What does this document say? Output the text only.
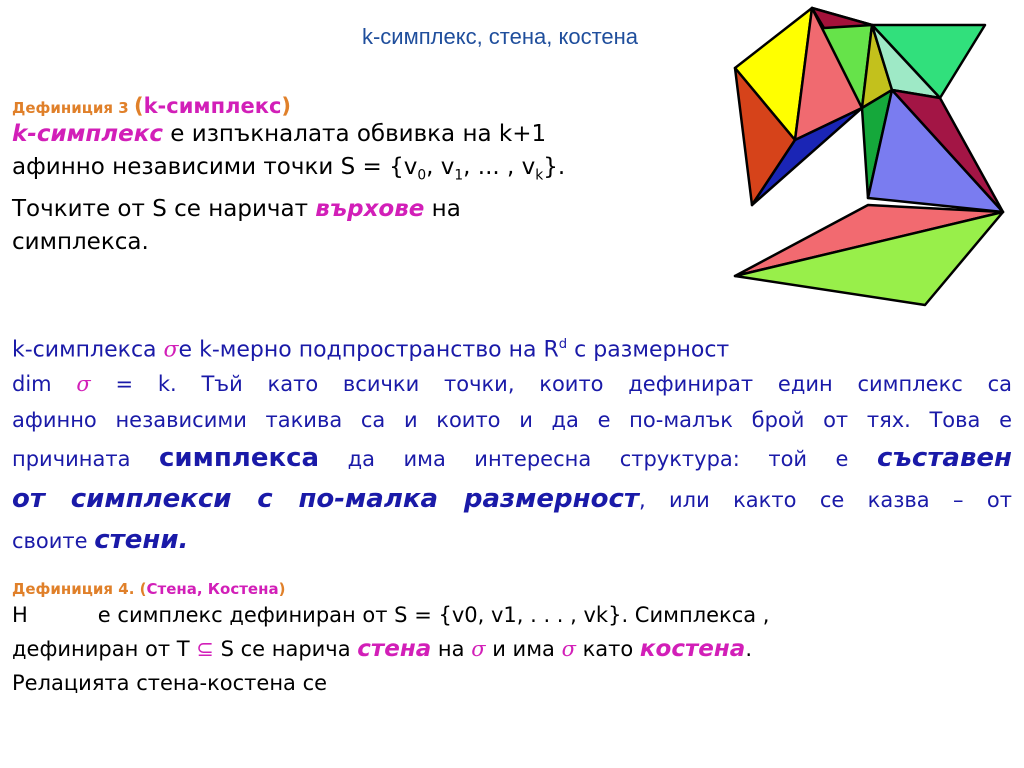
k-симплекс, стена, костена
Дефиниция 3 (k-симплекс)
k-симплекс е изпъкналата обвивка на k+1
афинно независими точки $S = \{v_0$, $v_1$, ... , $v_k$}.
Точките от S се наричат върхове на
симплекса.
k-симплекса σе k-мерно подпространство на $R^d$ с размерност
dim σ = k. Тъй като всички точки, които дефинират един симплекс са
афинно независими такива са и които и да е по-малък брой от тях. Това е
причината симплекса да има интересна структура: той е съставен
от симплекси с по-малка размерност, или както се казва – от
своите стени.
Дефиниция 4. (Стена, Костена)
Н	е симплекс дефиниран от S = {v0, v1, . . . , vk}. Симплекса ,
дефиниран от T ⊆ S се нарича стена на σ и има σ като костена.
Релацията стена-костена се
